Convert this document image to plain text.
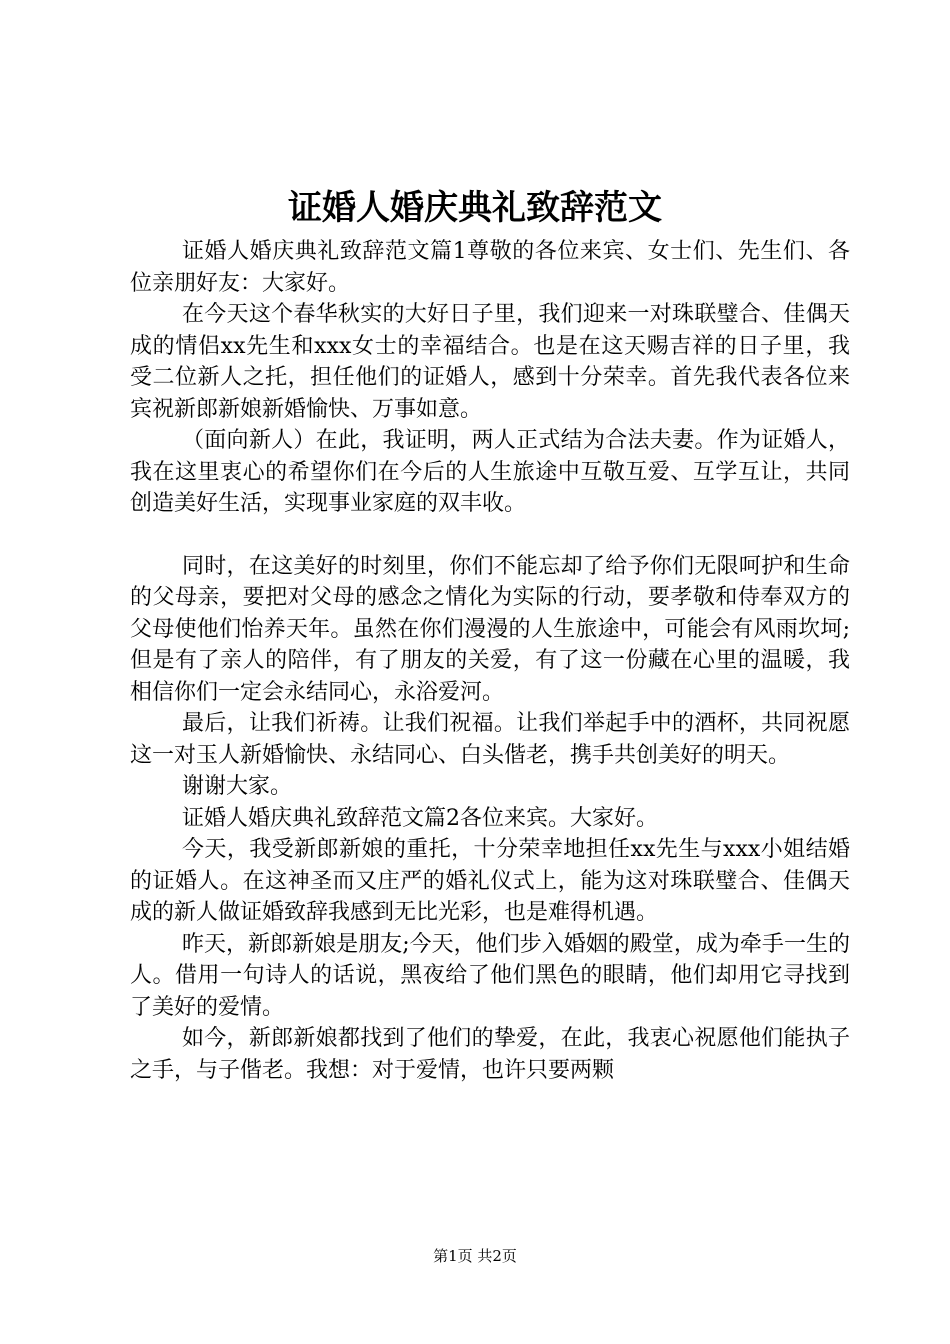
证婚人婚庆典礼致辞范文

证婚人婚庆典礼致辞范文篇1尊敬的各位来宾、女士们、先生们、各位亲朋好友：大家好。

在今天这个春华秋实的大好日子里，我们迎来一对珠联璧合、佳偶天成的情侣xx先生和xxx女士的幸福结合。也是在这天赐吉祥的日子里，我受二位新人之托，担任他们的证婚人，感到十分荣幸。首先我代表各位来宾祝新郎新娘新婚愉快、万事如意。

（面向新人）在此，我证明，两人正式结为合法夫妻。作为证婚人，我在这里衷心的希望你们在今后的人生旅途中互敬互爱、互学互让，共同创造美好生活，实现事业家庭的双丰收。

同时，在这美好的时刻里，你们不能忘却了给予你们无限呵护和生命的父母亲，要把对父母的感念之情化为实际的行动，要孝敬和侍奉双方的父母使他们怡养天年。虽然在你们漫漫的人生旅途中，可能会有风雨坎坷;但是有了亲人的陪伴，有了朋友的关爱，有了这一份藏在心里的温暖，我相信你们一定会永结同心，永浴爱河。

最后，让我们祈祷。让我们祝福。让我们举起手中的酒杯，共同祝愿这一对玉人新婚愉快、永结同心、白头偕老，携手共创美好的明天。

谢谢大家。

证婚人婚庆典礼致辞范文篇2各位来宾。大家好。

今天，我受新郎新娘的重托，十分荣幸地担任xx先生与xxx小姐结婚的证婚人。在这神圣而又庄严的婚礼仪式上，能为这对珠联璧合、佳偶天成的新人做证婚致辞我感到无比光彩，也是难得机遇。

昨天，新郎新娘是朋友;今天，他们步入婚姻的殿堂，成为牵手一生的人。借用一句诗人的话说，黑夜给了他们黑色的眼睛，他们却用它寻找到了美好的爱情。

如今，新郎新娘都找到了他们的挚爱，在此，我衷心祝愿他们能执子之手，与子偕老。我想：对于爱情，也许只要两颗

第1页 共2页
